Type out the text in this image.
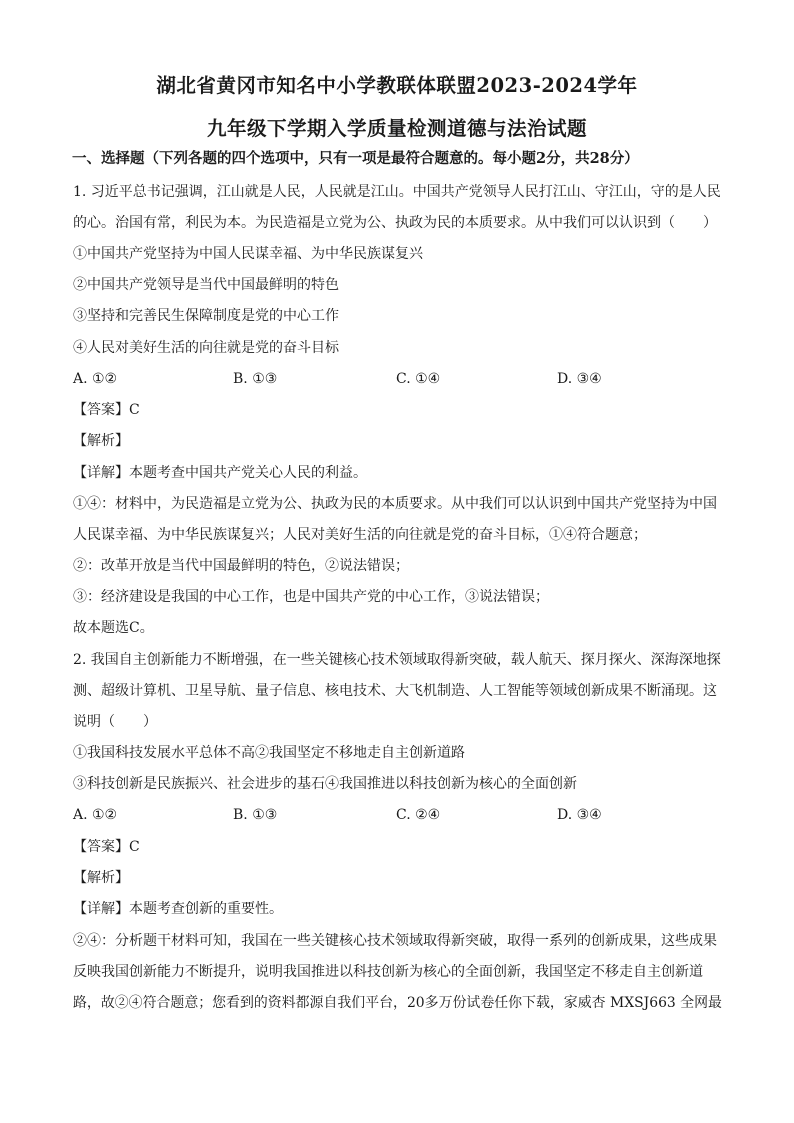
湖北省黄冈市知名中小学教联体联盟2023-2024学年
九年级下学期入学质量检测道德与法治试题
一、选择题（下列各题的四个选项中，只有一项是最符合题意的。每小题2分，共28分）
1. 习近平总书记强调，江山就是人民，人民就是江山。中国共产党领导人民打江山、守江山，守的是人民
的心。治国有常，利民为本。为民造福是立党为公、执政为民的本质要求。从中我们可以认识到（　　）
①中国共产党坚持为中国人民谋幸福、为中华民族谋复兴
②中国共产党领导是当代中国最鲜明的特色
③坚持和完善民生保障制度是党的中心工作
④人民对美好生活的向往就是党的奋斗目标
A. ①②	B. ①③	C. ①④	D. ③④
【答案】C
【解析】
【详解】本题考查中国共产党关心人民的利益。
①④：材料中，为民造福是立党为公、执政为民的本质要求。从中我们可以认识到中国共产党坚持为中国
人民谋幸福、为中华民族谋复兴；人民对美好生活的向往就是党的奋斗目标，①④符合题意；
②：改革开放是当代中国最鲜明的特色，②说法错误；
③：经济建设是我国的中心工作，也是中国共产党的中心工作，③说法错误；
故本题选C。
2. 我国自主创新能力不断增强，在一些关键核心技术领域取得新突破，载人航天、探月探火、深海深地探
测、超级计算机、卫星导航、量子信息、核电技术、大飞机制造、人工智能等领域创新成果不断涌现。这
说明（　　）
①我国科技发展水平总体不高②我国坚定不移地走自主创新道路
③科技创新是民族振兴、社会进步的基石④我国推进以科技创新为核心的全面创新
A. ①②	B. ①③	C. ②④	D. ③④
【答案】C
【解析】
【详解】本题考查创新的重要性。
②④：分析题干材料可知，我国在一些关键核心技术领域取得新突破，取得一系列的创新成果，这些成果
反映我国创新能力不断提升，说明我国推进以科技创新为核心的全面创新，我国坚定不移走自主创新道
路，故②④符合题意；您看到的资料都源自我们平台，20多万份试卷任你下载，家威杏 MXSJ663 全网最
